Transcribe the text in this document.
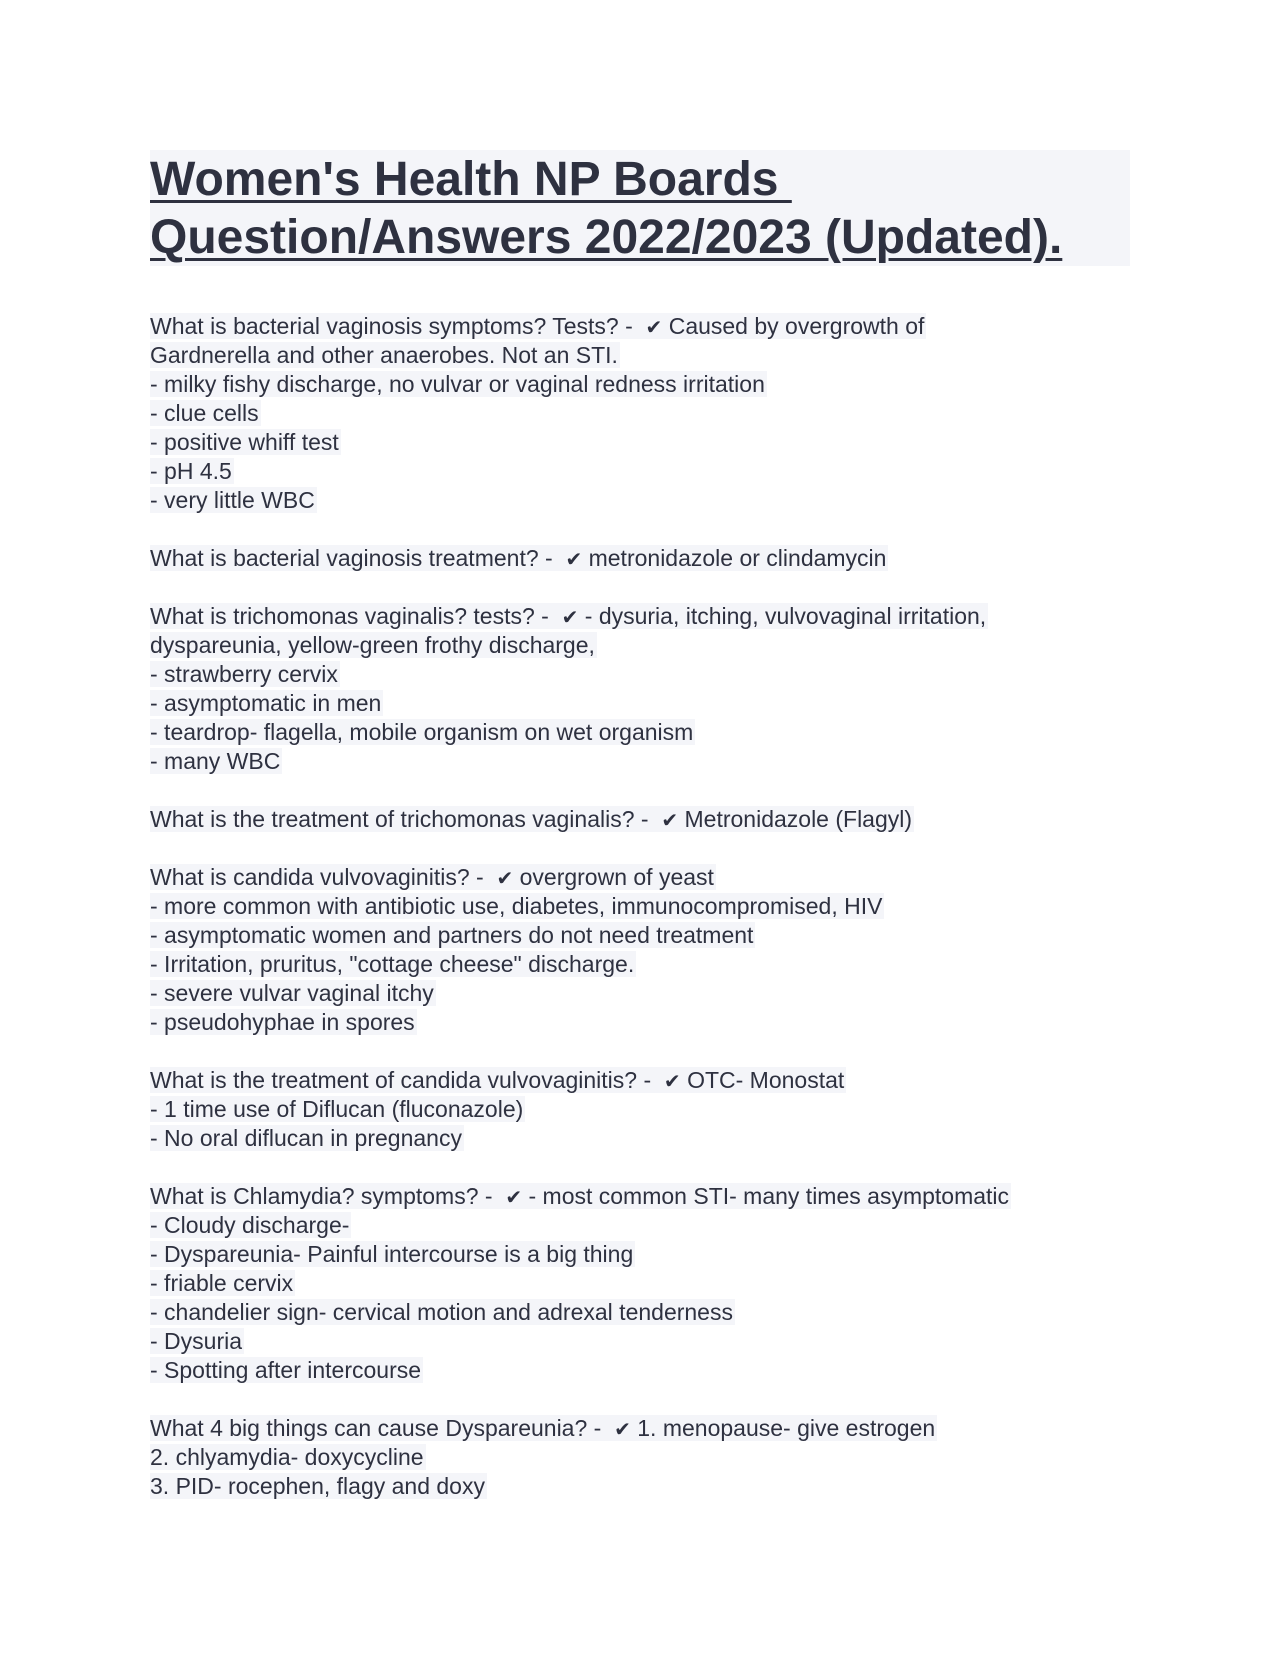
Women's Health NP Boards
Question/Answers 2022/2023 (Updated).
What is bacterial vaginosis symptoms? Tests? -  ✔ Caused by overgrowth of
Gardnerella and other anaerobes. Not an STI.
- milky fishy discharge, no vulvar or vaginal redness irritation
- clue cells
- positive whiff test
- pH 4.5
- very little WBC
What is bacterial vaginosis treatment? -  ✔ metronidazole or clindamycin
What is trichomonas vaginalis? tests? -  ✔ - dysuria, itching, vulvovaginal irritation,
dyspareunia, yellow-green frothy discharge,
- strawberry cervix
- asymptomatic in men
- teardrop- flagella, mobile organism on wet organism
- many WBC
What is the treatment of trichomonas vaginalis? -  ✔ Metronidazole (Flagyl)
What is candida vulvovaginitis? -  ✔ overgrown of yeast
- more common with antibiotic use, diabetes, immunocompromised, HIV
- asymptomatic women and partners do not need treatment
- Irritation, pruritus, "cottage cheese" discharge.
- severe vulvar vaginal itchy
- pseudohyphae in spores
What is the treatment of candida vulvovaginitis? -  ✔ OTC- Monostat
- 1 time use of Diflucan (fluconazole)
- No oral diflucan in pregnancy
What is Chlamydia? symptoms? -  ✔ - most common STI- many times asymptomatic
- Cloudy discharge-
- Dyspareunia- Painful intercourse is a big thing
- friable cervix
- chandelier sign- cervical motion and adrexal tenderness
- Dysuria
- Spotting after intercourse
What 4 big things can cause Dyspareunia? -  ✔ 1. menopause- give estrogen
2. chlyamydia- doxycycline
3. PID- rocephen, flagy and doxy
